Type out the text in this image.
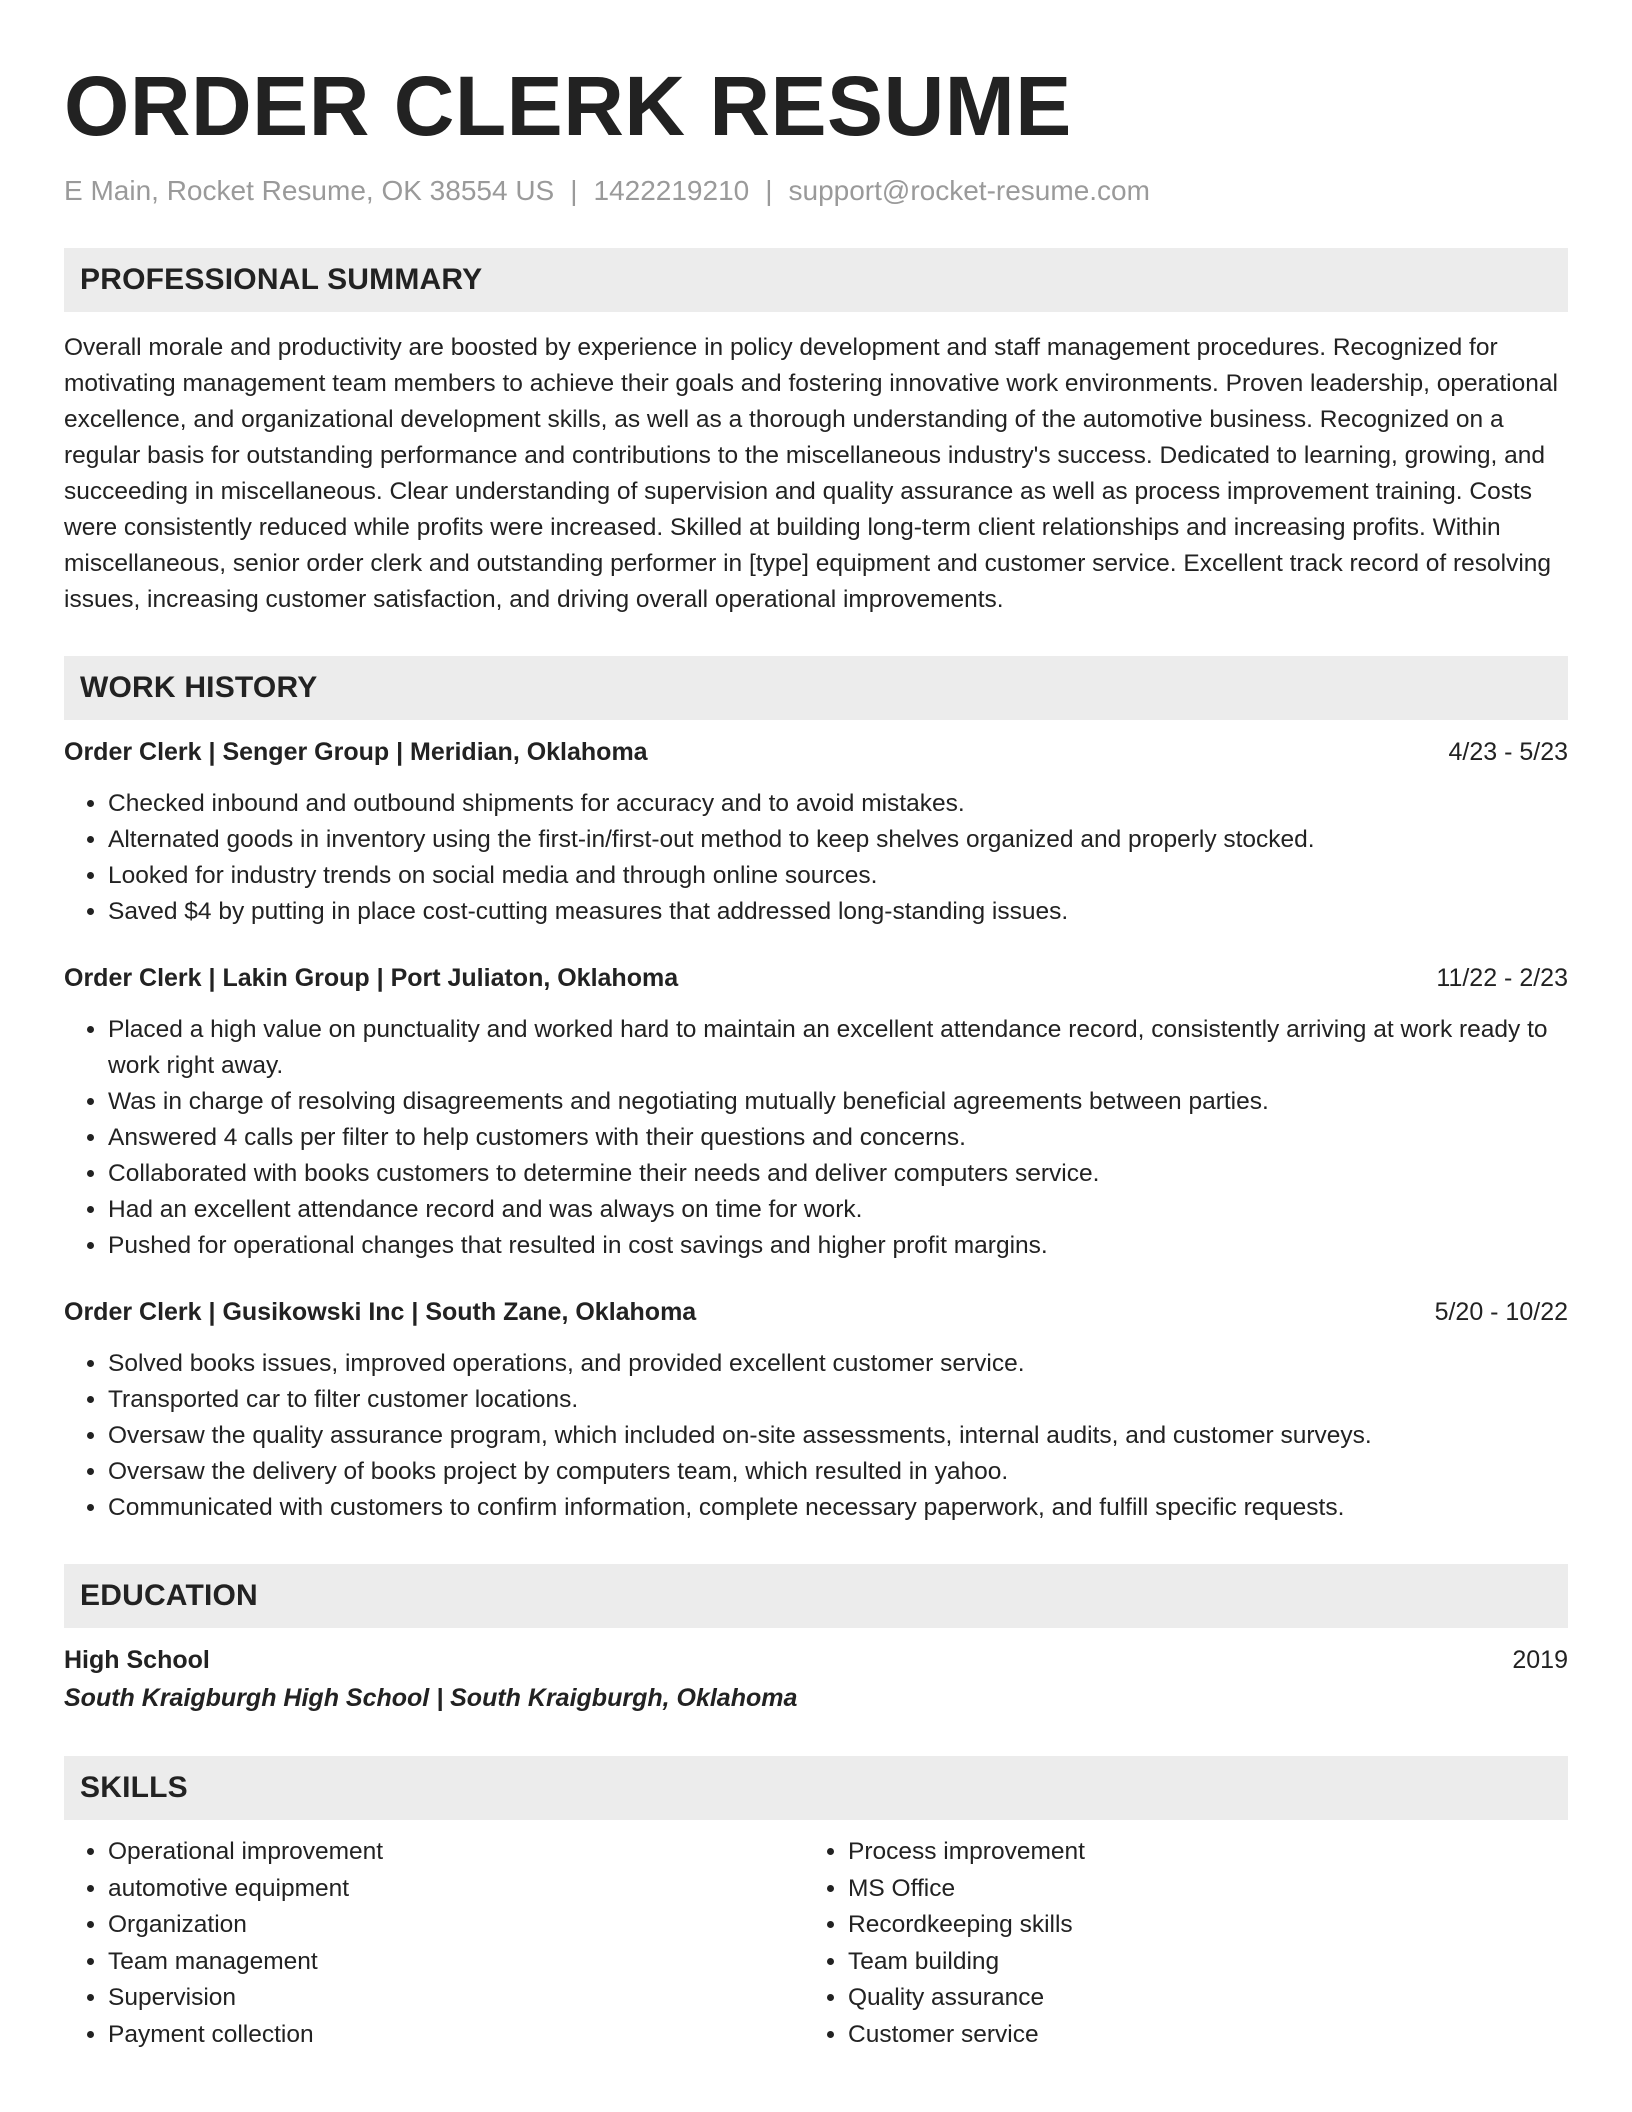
ORDER CLERK RESUME
E Main, Rocket Resume, OK 38554 US | 1422219210 | support@rocket-resume.com
PROFESSIONAL SUMMARY

Overall morale and productivity are boosted by experience in policy development and staff management procedures. Recognized for motivating management team members to achieve their goals and fostering innovative work environments. Proven leadership, operational excellence, and organizational development skills, as well as a thorough understanding of the automotive business. Recognized on a regular basis for outstanding performance and contributions to the miscellaneous industry's success. Dedicated to learning, growing, and succeeding in miscellaneous. Clear understanding of supervision and quality assurance as well as process improvement training. Costs were consistently reduced while profits were increased. Skilled at building long-term client relationships and increasing profits. Within miscellaneous, senior order clerk and outstanding performer in [type] equipment and customer service. Excellent track record of resolving issues, increasing customer satisfaction, and driving overall operational improvements.

WORK HISTORY
Order Clerk | Senger Group | Meridian, Oklahoma	4/23 - 5/23
• Checked inbound and outbound shipments for accuracy and to avoid mistakes.
• Alternated goods in inventory using the first-in/first-out method to keep shelves organized and properly stocked.
• Looked for industry trends on social media and through online sources.
• Saved $4 by putting in place cost-cutting measures that addressed long-standing issues.
Order Clerk | Lakin Group | Port Juliaton, Oklahoma	11/22 - 2/23
• Placed a high value on punctuality and worked hard to maintain an excellent attendance record, consistently arriving at work ready to work right away.
• Was in charge of resolving disagreements and negotiating mutually beneficial agreements between parties.
• Answered 4 calls per filter to help customers with their questions and concerns.
• Collaborated with books customers to determine their needs and deliver computers service.
• Had an excellent attendance record and was always on time for work.
• Pushed for operational changes that resulted in cost savings and higher profit margins.
Order Clerk | Gusikowski Inc | South Zane, Oklahoma	5/20 - 10/22
• Solved books issues, improved operations, and provided excellent customer service.
• Transported car to filter customer locations.
• Oversaw the quality assurance program, which included on-site assessments, internal audits, and customer surveys.
• Oversaw the delivery of books project by computers team, which resulted in yahoo.
• Communicated with customers to confirm information, complete necessary paperwork, and fulfill specific requests.
EDUCATION
High School	2019
South Kraigburgh High School | South Kraigburgh, Oklahoma
SKILLS
• Operational improvement
• automotive equipment
• Organization
• Team management
• Supervision
• Payment collection
• Process improvement
• MS Office
• Recordkeeping skills
• Team building
• Quality assurance
• Customer service
